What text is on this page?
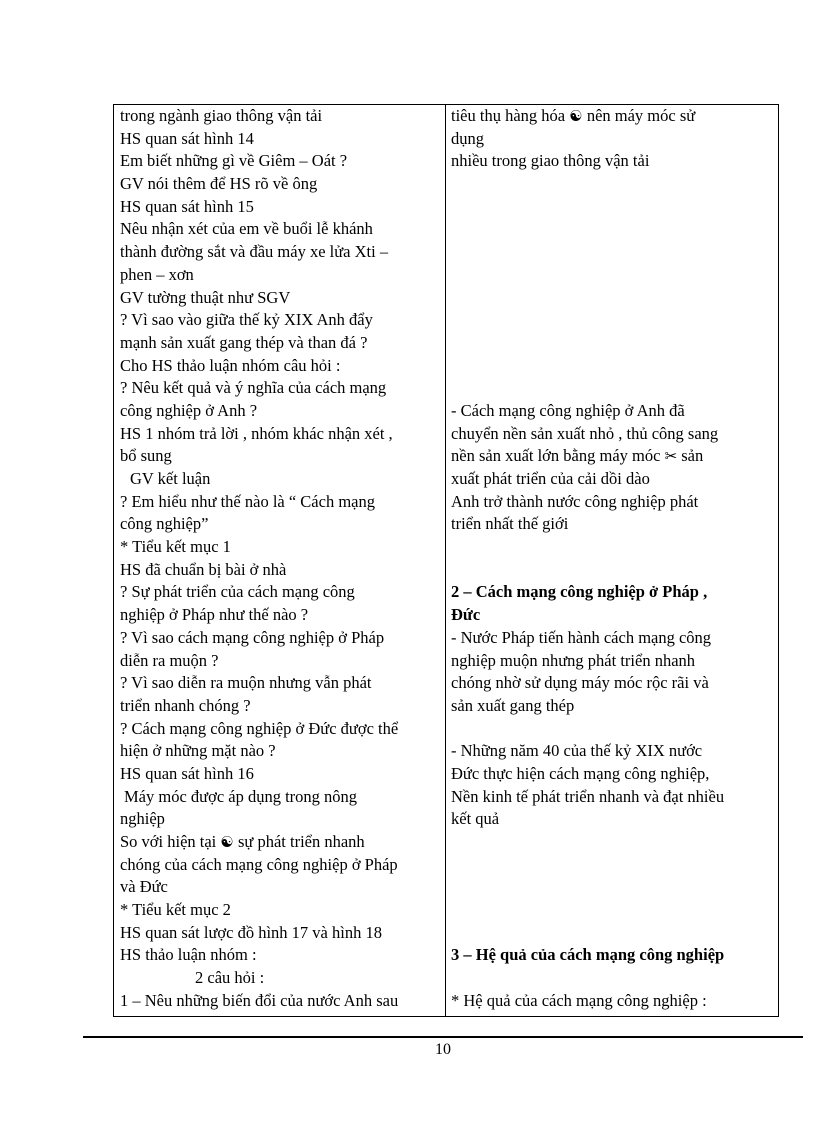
trong ngành giao thông vận tải
HS quan sát hình 14
Em biết những gì về Giêm – Oát ?
GV nói thêm để HS rõ về ông
HS quan sát hình 15
Nêu nhận xét của em về buổi lễ khánh
thành đường sắt và đầu máy xe lửa Xti –
phen – xơn
GV tường thuật như SGV
? Vì sao vào giữa thế kỷ XIX Anh đẩy
mạnh sản xuất gang thép và than đá ?
Cho HS thảo luận nhóm câu hỏi :
? Nêu kết quả và ý nghĩa của cách mạng
công nghiệp ở Anh ?
HS 1 nhóm trả lời , nhóm khác nhận xét ,
bổ sung
GV kết luận
? Em hiểu như thế nào là “ Cách mạng
công nghiệp”
* Tiểu kết mục 1
HS đã chuẩn bị bài ở nhà
? Sự phát triển của cách mạng công
nghiệp ở Pháp như thế nào ?
? Vì sao cách mạng công nghiệp ở Pháp
diễn ra muộn ?
? Vì sao diễn ra muộn nhưng vẫn phát
triển nhanh chóng ?
? Cách mạng công nghiệp ở Đức được thể
hiện ở những mặt nào ?
HS quan sát hình 16
Máy móc được áp dụng trong nông
nghiệp
So với hiện tại ☯ sự phát triển nhanh
chóng của cách mạng công nghiệp ở Pháp
và Đức
* Tiểu kết mục 2
HS quan sát lược đồ hình 17 và hình 18
HS thảo luận nhóm :
2 câu hỏi :
1 – Nêu những biến đổi của nước Anh sau
tiêu thụ hàng hóa ☯ nên máy móc sử
dụng
nhiều trong giao thông vận tải
- Cách mạng công nghiệp ở Anh đã
chuyển nền sản xuất nhỏ , thủ công sang
nền sản xuất lớn bằng máy móc ✂ sản
xuất phát triển của cải dồi dào
Anh trở thành nước công nghiệp phát
triển nhất thế giới
2 – Cách mạng công nghiệp ở Pháp ,
Đức
- Nước Pháp tiến hành cách mạng công
nghiệp muộn nhưng phát triển nhanh
chóng nhờ sử dụng máy móc rộc rãi và
sản xuất gang thép
- Những năm 40 của thế kỷ XIX nước
Đức thực hiện cách mạng công nghiệp,
Nền kinh tế phát triển nhanh và đạt nhiều
kết quả
3 – Hệ quả của cách mạng công nghiệp
* Hệ quả của cách mạng công nghiệp :
10
